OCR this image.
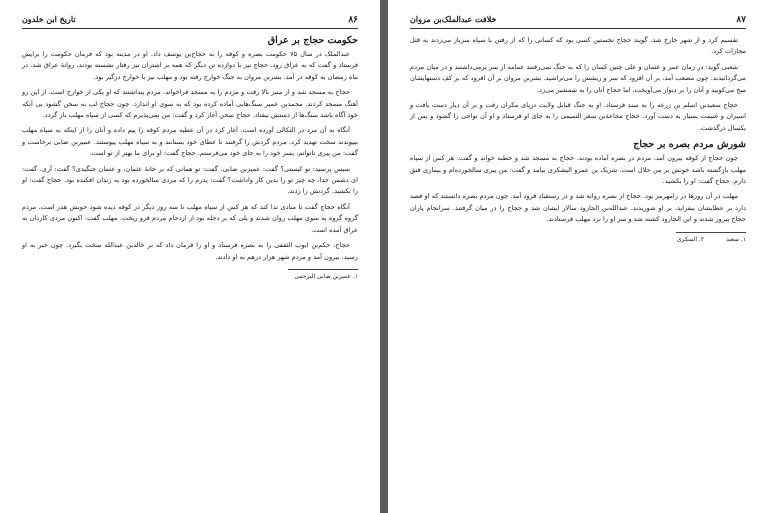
۸۶
تاریخ ابن خلدون
حکومت حجاج بر عراق

عبدالملک در سال ۷۵ حکومت بصره و کوفه را به حجاج‌بن یوسف داد. او در مدینه بود که فرمان حکومت را برایش فرستاد و گفت که به عراق رود. حجاج نیز با دوازده تن دیگر که همه بر اشتران تیز رفتار نشسته بودند، روانهٔ عراق شد. در ماه رمضان به کوفه در آمد. بشربن مروان به جنگ خوارج رفته بود و مهلب نیز با خوارج درگیر بود.

حجاج به مسجد شد و از منبر بالا رفت و مردم را به مسجد فراخواند. مردم پنداشتند که او یکی از خوارج است. از این رو آهنگ مسجد کردند. محمدبن عمیر سنگ‌هایی آماده کرده بود که به سوی او اندازد. چون حجاج لب به سخن گشود بی آنکه خود آگاه باشد سنگ‌ها از دستش بیفتاد. حجاج سخن آغاز کرد و گفت: من نمی‌پذیرم که کسی از سپاه مهلب باز گردد.

آنگاه به آن مرد در التکالی آورده است. آغاز کرد در آن عطیه مردم کوفه را پیم داده و آنان را از اینکه به سپاه مهلب نپیوندند سخت تهدید کرد. مردم گردش را گرفتند تا عطای خود بستانند و به سپاه مهلب پیوستند. عمیربن ضابی برخاست و گفت: من پیری ناتوانم. پسر خود را به جای خود می‌فرستم. حجاج گفت: او برای ما بهتر از تو است.

سپس پرسید: تو کیستی؟ گفت: عمیربن ضابی. گفت: تو همانی که بر خانهٔ عثمان، و عثمان جنگیدی؟ گفت: آری. گفت: ای دشمن خدا، چه چیز تو را بدین کار واداشت؟ گفت: پدرم را که مردی سالخورده بود به زندان افکنده بود. حجاج گفت: او را بکشید. گردنش را زدند.

آنگاه حجاج گفت تا منادی ندا کند که هر کس از سپاه مهلب تا سه روز دیگر در کوفه دیده شود خونش هدر است. مردم گروه گروه به سوی مهلب روان شدند و پلی که بر دجله بود از ازدحام مردم فرو ریخت. مهلب گفت: اکنون مردی کاردان به عراق آمده است.

حجاج، حکم‌بن ایوب الثقفی را به بصره فرستاد و او را فرمان داد که بر خالدبن عبدالله سخت بگیرد. چون خبر به او رسید، بیرون آمد و مردم شهر هزار درهم به او دادند.

۱. عمیربن ضابی البرجمی
۸۷
خلافت عبدالملک‌بن مروان

تقسیم کرد و از شهر خارج شد. گویند حجاج نخستین کسی بود که کسانی را که از رفتن با سپاه سرباز می‌زدند به قتل مجازات کرد.

شعبی گوید: در زمان عمر و عثمان و علی چنین کسان را که به جنگ نمی‌رفتند عمامه از سر برمی‌داشتند و در میان مردم می‌گردانیدند. چون مصعب آمد، بر آن افزود که سر و ریشش را می‌تراشید. بشربن مروان بر آن افزود که بر کف دستهایشان میخ می‌کوبید و آنان را بر دیوار می‌آویخت. اما حجاج آنان را به شمشیر می‌زد.

حجاج سعیدبن اسلم بن زرعه را به سند فرستاد. او به جنگ قبایل ولایت دریای مکران رفت و بر آن دیار دست یافت و اسیران و غنیمت بسیار به دست آورد. حجاج مجاعة‌بن سعر التمیمی را به جای او فرستاد و او آن نواحی را گشود و پس از یکسال درگذشت.

شورش مردم بصره بر حجاج

چون حجاج از کوفه بیرون آمد، مردم در بصره آماده بودند. حجاج به مسجد شد و خطبه خواند و گفت: هر کس از سپاه مهلب بازگشته باشد خونش بر من حلال است. شریک بن عمرو الیشکری بیامد و گفت: من پیری سالخورده‌ام و بیماری فتق دارم. حجاج گفت: او را بکشید.

مهلب در آن روزها در رامهرمز بود. حجاج از بصره روانه شد و در رستقباد فرود آمد. چون مردم بصره دانستند که او قصد دارد بر عطایشان بیفزاید، بر او شوریدند. عبدالله‌بن الجارود سالار ایشان شد و حجاج را در میان گرفتند. سرانجام یاران حجاج پیروز شدند و ابن الجارود کشته شد و سر او را نزد مهلب فرستادند.

۱. سعید
۲. السکری
